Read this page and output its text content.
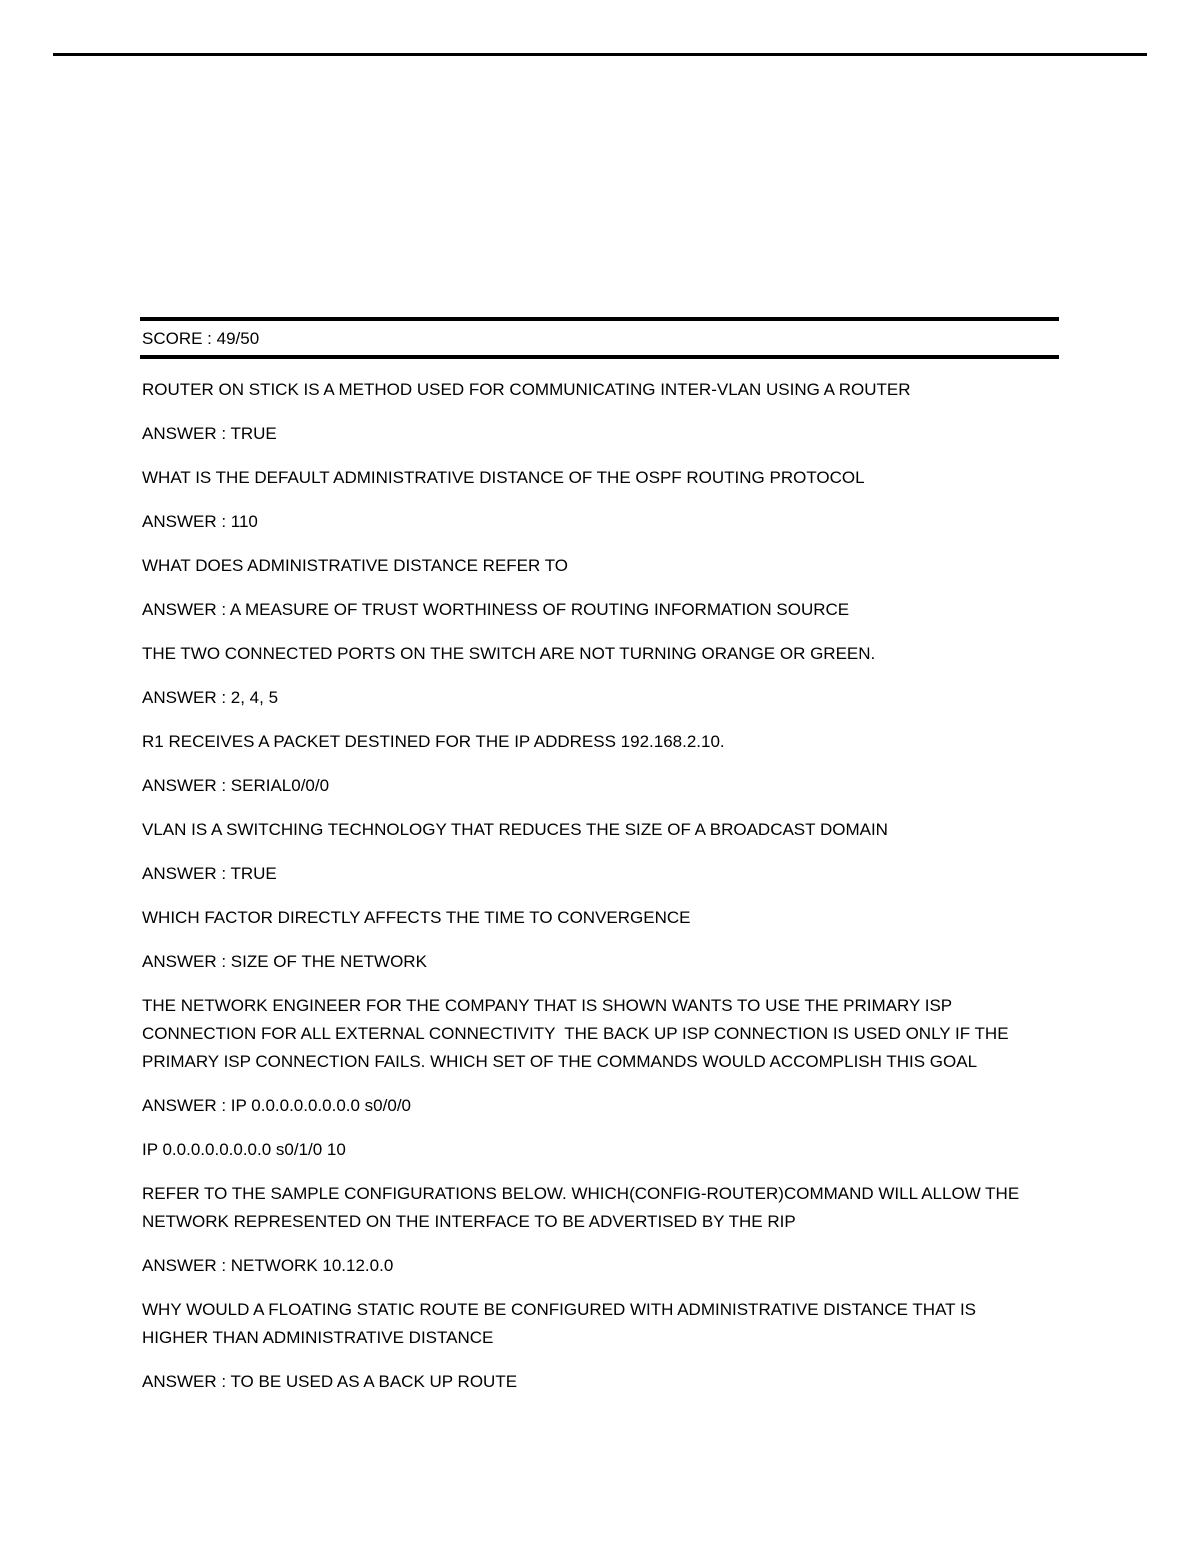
SCORE : 49/50

ROUTER ON STICK IS A METHOD USED FOR COMMUNICATING INTER-VLAN USING A ROUTER

ANSWER : TRUE

WHAT IS THE DEFAULT ADMINISTRATIVE DISTANCE OF THE OSPF ROUTING PROTOCOL

ANSWER : 110

WHAT DOES ADMINISTRATIVE DISTANCE REFER TO

ANSWER : A MEASURE OF TRUST WORTHINESS OF ROUTING INFORMATION SOURCE

THE TWO CONNECTED PORTS ON THE SWITCH ARE NOT TURNING ORANGE OR GREEN.

ANSWER : 2, 4, 5

R1 RECEIVES A PACKET DESTINED FOR THE IP ADDRESS 192.168.2.10.

ANSWER : SERIAL0/0/0

VLAN IS A SWITCHING TECHNOLOGY THAT REDUCES THE SIZE OF A BROADCAST DOMAIN

ANSWER : TRUE

WHICH FACTOR DIRECTLY AFFECTS THE TIME TO CONVERGENCE

ANSWER : SIZE OF THE NETWORK

THE NETWORK ENGINEER FOR THE COMPANY THAT IS SHOWN WANTS TO USE THE PRIMARY ISP CONNECTION FOR ALL EXTERNAL CONNECTIVITY  THE BACK UP ISP CONNECTION IS USED ONLY IF THE PRIMARY ISP CONNECTION FAILS. WHICH SET OF THE COMMANDS WOULD ACCOMPLISH THIS GOAL

ANSWER : IP 0.0.0.0.0.0.0.0 s0/0/0

IP 0.0.0.0.0.0.0.0 s0/1/0 10

REFER TO THE SAMPLE CONFIGURATIONS BELOW. WHICH(CONFIG-ROUTER)COMMAND WILL ALLOW THE NETWORK REPRESENTED ON THE INTERFACE TO BE ADVERTISED BY THE RIP

ANSWER : NETWORK 10.12.0.0

WHY WOULD A FLOATING STATIC ROUTE BE CONFIGURED WITH ADMINISTRATIVE DISTANCE THAT IS HIGHER THAN ADMINISTRATIVE DISTANCE

ANSWER : TO BE USED AS A BACK UP ROUTE
